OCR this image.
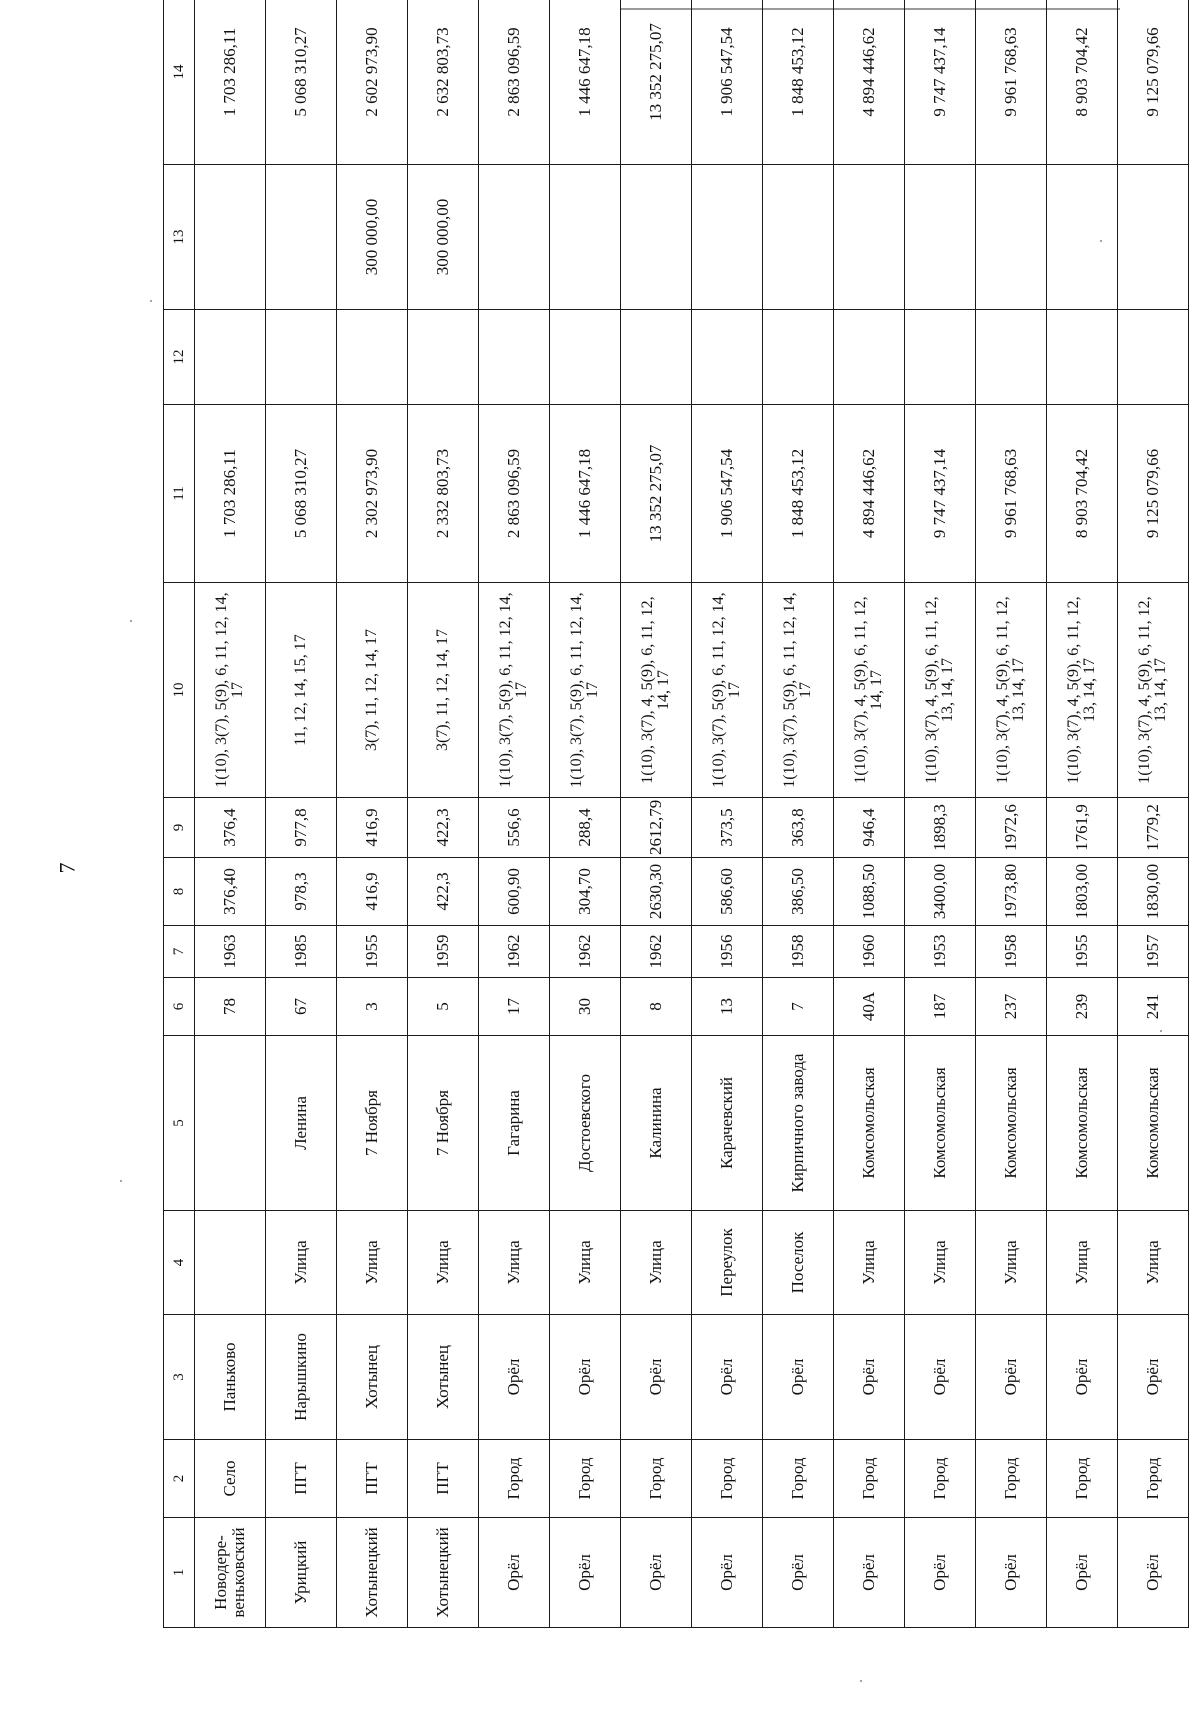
7
1	2	3	4	5	6	7	8	9	10	11	12	13	14	
Новодере-веньковский	Село	Паньково			78	1963	376,40	376,4	1(10), 3(7), 5(9), 6, 11, 12, 14, 17	1 703 286,11			1 703 286,11	
Урицкий	ПГТ	Нарышкино	Улица	Ленина	67	1985	978,3	977,8	11, 12, 14, 15, 17	5 068 310,27			5 068 310,27	
Хотынецкий	ПГТ	Хотынец	Улица	7 Ноября	3	1955	416,9	416,9	3(7), 11, 12, 14, 17	2 302 973,90		300 000,00	2 602 973,90	
Хотынецкий	ПГТ	Хотынец	Улица	7 Ноября	5	1959	422,3	422,3	3(7), 11, 12, 14, 17	2 332 803,73		300 000,00	2 632 803,73	
Орёл	Город	Орёл	Улица	Гагарина	17	1962	600,90	556,6	1(10), 3(7), 5(9), 6, 11, 12, 14, 17	2 863 096,59			2 863 096,59	
Орёл	Город	Орёл	Улица	Достоевского	30	1962	304,70	288,4	1(10), 3(7), 5(9), 6, 11, 12, 14, 17	1 446 647,18			1 446 647,18	
Орёл	Город	Орёл	Улица	Калинина	8	1962	2630,30	2612,79	1(10), 3(7), 4, 5(9), 6, 11, 12, 14, 17	13 352 275,07			13 352 275,07	
Орёл	Город	Орёл	Переулок	Карачевский	13	1956	586,60	373,5	1(10), 3(7), 5(9), 6, 11, 12, 14, 17	1 906 547,54			1 906 547,54	
Орёл	Город	Орёл	Поселок	Кирпичного завода	7	1958	386,50	363,8	1(10), 3(7), 5(9), 6, 11, 12, 14, 17	1 848 453,12			1 848 453,12	
Орёл	Город	Орёл	Улица	Комсомольская	40А	1960	1088,50	946,4	1(10), 3(7), 4, 5(9), 6, 11, 12, 14, 17	4 894 446,62			4 894 446,62	
Орёл	Город	Орёл	Улица	Комсомольская	187	1953	3400,00	1898,3	1(10), 3(7), 4, 5(9), 6, 11, 12, 13, 14, 17	9 747 437,14			9 747 437,14	
Орёл	Город	Орёл	Улица	Комсомольская	237	1958	1973,80	1972,6	1(10), 3(7), 4, 5(9), 6, 11, 12, 13, 14, 17	9 961 768,63			9 961 768,63	
Орёл	Город	Орёл	Улица	Комсомольская	239	1955	1803,00	1761,9	1(10), 3(7), 4, 5(9), 6, 11, 12, 13, 14, 17	8 903 704,42			8 903 704,42	
Орёл	Город	Орёл	Улица	Комсомольская	241	1957	1830,00	1779,2	1(10), 3(7), 4, 5(9), 6, 11, 12, 13, 14, 17	9 125 079,66			9 125 079,66	
